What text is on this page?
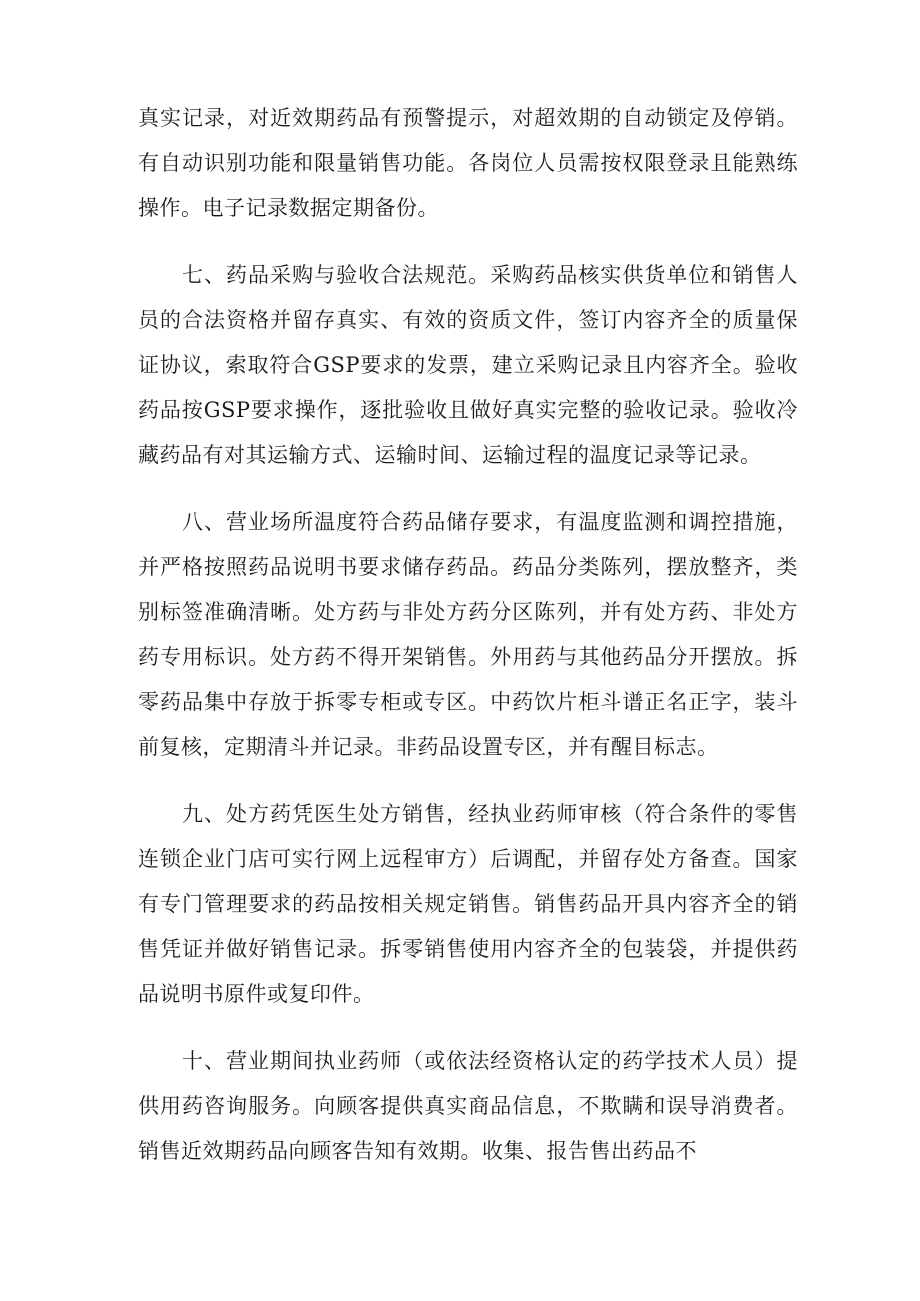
真实记录，对近效期药品有预警提示，对超效期的自动锁定及停销。有自动识别功能和限量销售功能。各岗位人员需按权限登录且能熟练操作。电子记录数据定期备份。

七、药品采购与验收合法规范。采购药品核实供货单位和销售人员的合法资格并留存真实、有效的资质文件，签订内容齐全的质量保证协议，索取符合GSP要求的发票，建立采购记录且内容齐全。验收药品按GSP要求操作，逐批验收且做好真实完整的验收记录。验收冷藏药品有对其运输方式、运输时间、运输过程的温度记录等记录。

八、营业场所温度符合药品储存要求，有温度监测和调控措施，并严格按照药品说明书要求储存药品。药品分类陈列，摆放整齐，类别标签准确清晰。处方药与非处方药分区陈列，并有处方药、非处方药专用标识。处方药不得开架销售。外用药与其他药品分开摆放。拆零药品集中存放于拆零专柜或专区。中药饮片柜斗谱正名正字，装斗前复核，定期清斗并记录。非药品设置专区，并有醒目标志。

九、处方药凭医生处方销售，经执业药师审核（符合条件的零售连锁企业门店可实行网上远程审方）后调配，并留存处方备查。国家有专门管理要求的药品按相关规定销售。销售药品开具内容齐全的销售凭证并做好销售记录。拆零销售使用内容齐全的包装袋，并提供药品说明书原件或复印件。

十、营业期间执业药师（或依法经资格认定的药学技术人员）提供用药咨询服务。向顾客提供真实商品信息，不欺瞒和误导消费者。销售近效期药品向顾客告知有效期。收集、报告售出药品不
